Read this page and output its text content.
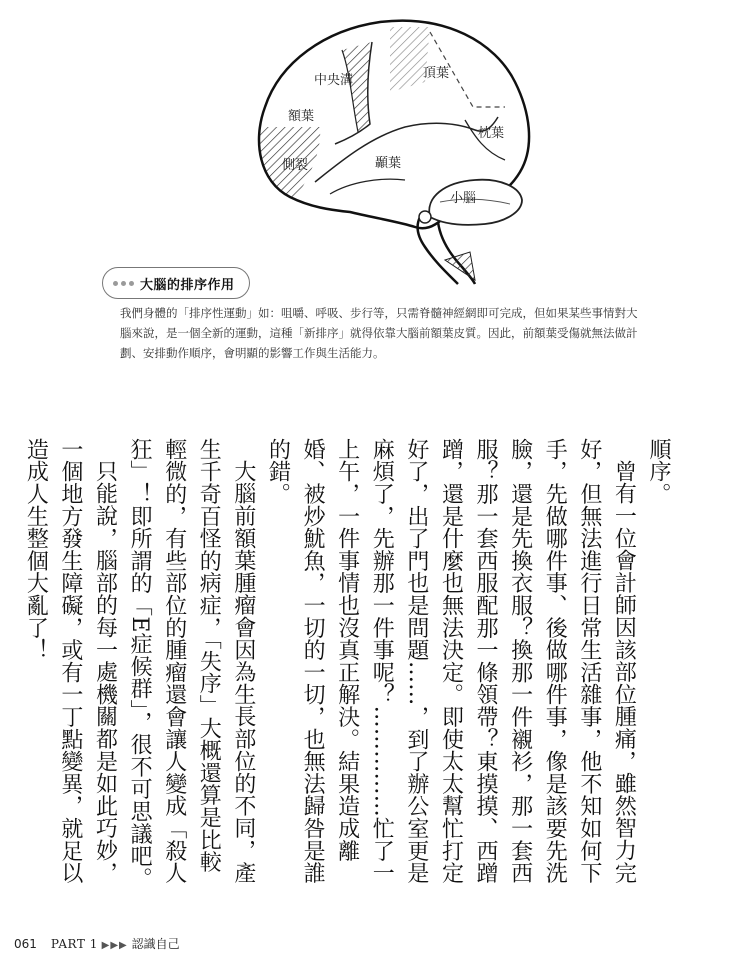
中央溝	頂葉
額葉
枕葉
側裂	顳葉
小腦
大腦的排序作用
我們身體的「排序性運動」如：咀嚼、呼吸、步行等，只需脊髓神經網即可完成，但如果某些事情對大腦來說，是一個全新的運動，這種「新排序」就得依靠大腦前額葉皮質。因此，前額葉受傷就無法做計劃、安排動作順序，會明顯的影響工作與生活能力。

順序。

曾有一位會計師因該部位腫痛，雖然智力完好，但無法進行日常生活雜事，他不知如何下手，先做哪件事、後做哪件事，像是該要先洗臉，還是先換衣服？換那一件襯衫，那一套西服？那一套西服配那一條領帶？東摸摸、西蹭蹭，還是什麼也無法決定。即使太太幫忙打定好了，出了門也是問題……，到了辦公室更是麻煩了，先辦那一件事呢？……………忙了一上午，一件事情也沒真正解決。結果造成離婚、被炒魷魚，一切的一切，也無法歸咎是誰的錯。

大腦前額葉腫瘤會因為生長部位的不同，產生千奇百怪的病症，「失序」大概還算是比較輕微的，有些部位的腫瘤還會讓人變成「殺人狂」！即所謂的「E症候群」，很不可思議吧。

只能說，腦部的每一處機關都是如此巧妙，一個地方發生障礙，或有一丁點變異，就足以造成人生整個大亂了！

061 PART 1 ▶▶▶ 認識自己
